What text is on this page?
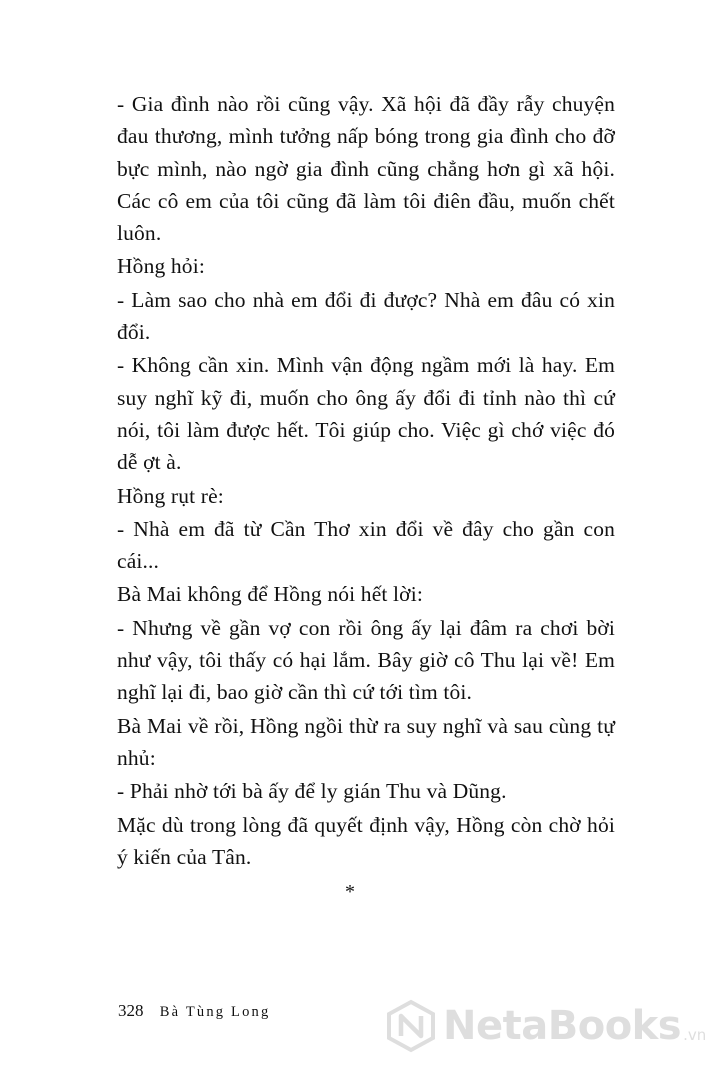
- Gia đình nào rồi cũng vậy. Xã hội đã đầy rẫy chuyện đau thương, mình tưởng nấp bóng trong gia đình cho đỡ bực mình, nào ngờ gia đình cũng chẳng hơn gì xã hội. Các cô em của tôi cũng đã làm tôi điên đầu, muốn chết luôn.

Hồng hỏi:

- Làm sao cho nhà em đổi đi được? Nhà em đâu có xin đổi.

- Không cần xin. Mình vận động ngầm mới là hay. Em suy nghĩ kỹ đi, muốn cho ông ấy đổi đi tỉnh nào thì cứ nói, tôi làm được hết. Tôi giúp cho. Việc gì chớ việc đó dễ ợt à.

Hồng rụt rè:

- Nhà em đã từ Cần Thơ xin đổi về đây cho gần con cái...

Bà Mai không để Hồng nói hết lời:

- Nhưng về gần vợ con rồi ông ấy lại đâm ra chơi bời như vậy, tôi thấy có hại lắm. Bây giờ cô Thu lại về! Em nghĩ lại đi, bao giờ cần thì cứ tới tìm tôi.

Bà Mai về rồi, Hồng ngồi thừ ra suy nghĩ và sau cùng tự nhủ:

- Phải nhờ tới bà ấy để ly gián Thu và Dũng.

Mặc dù trong lòng đã quyết định vậy, Hồng còn chờ hỏi ý kiến của Tân.

*
328 Bà Tùng Long	NetaBooks .vn
